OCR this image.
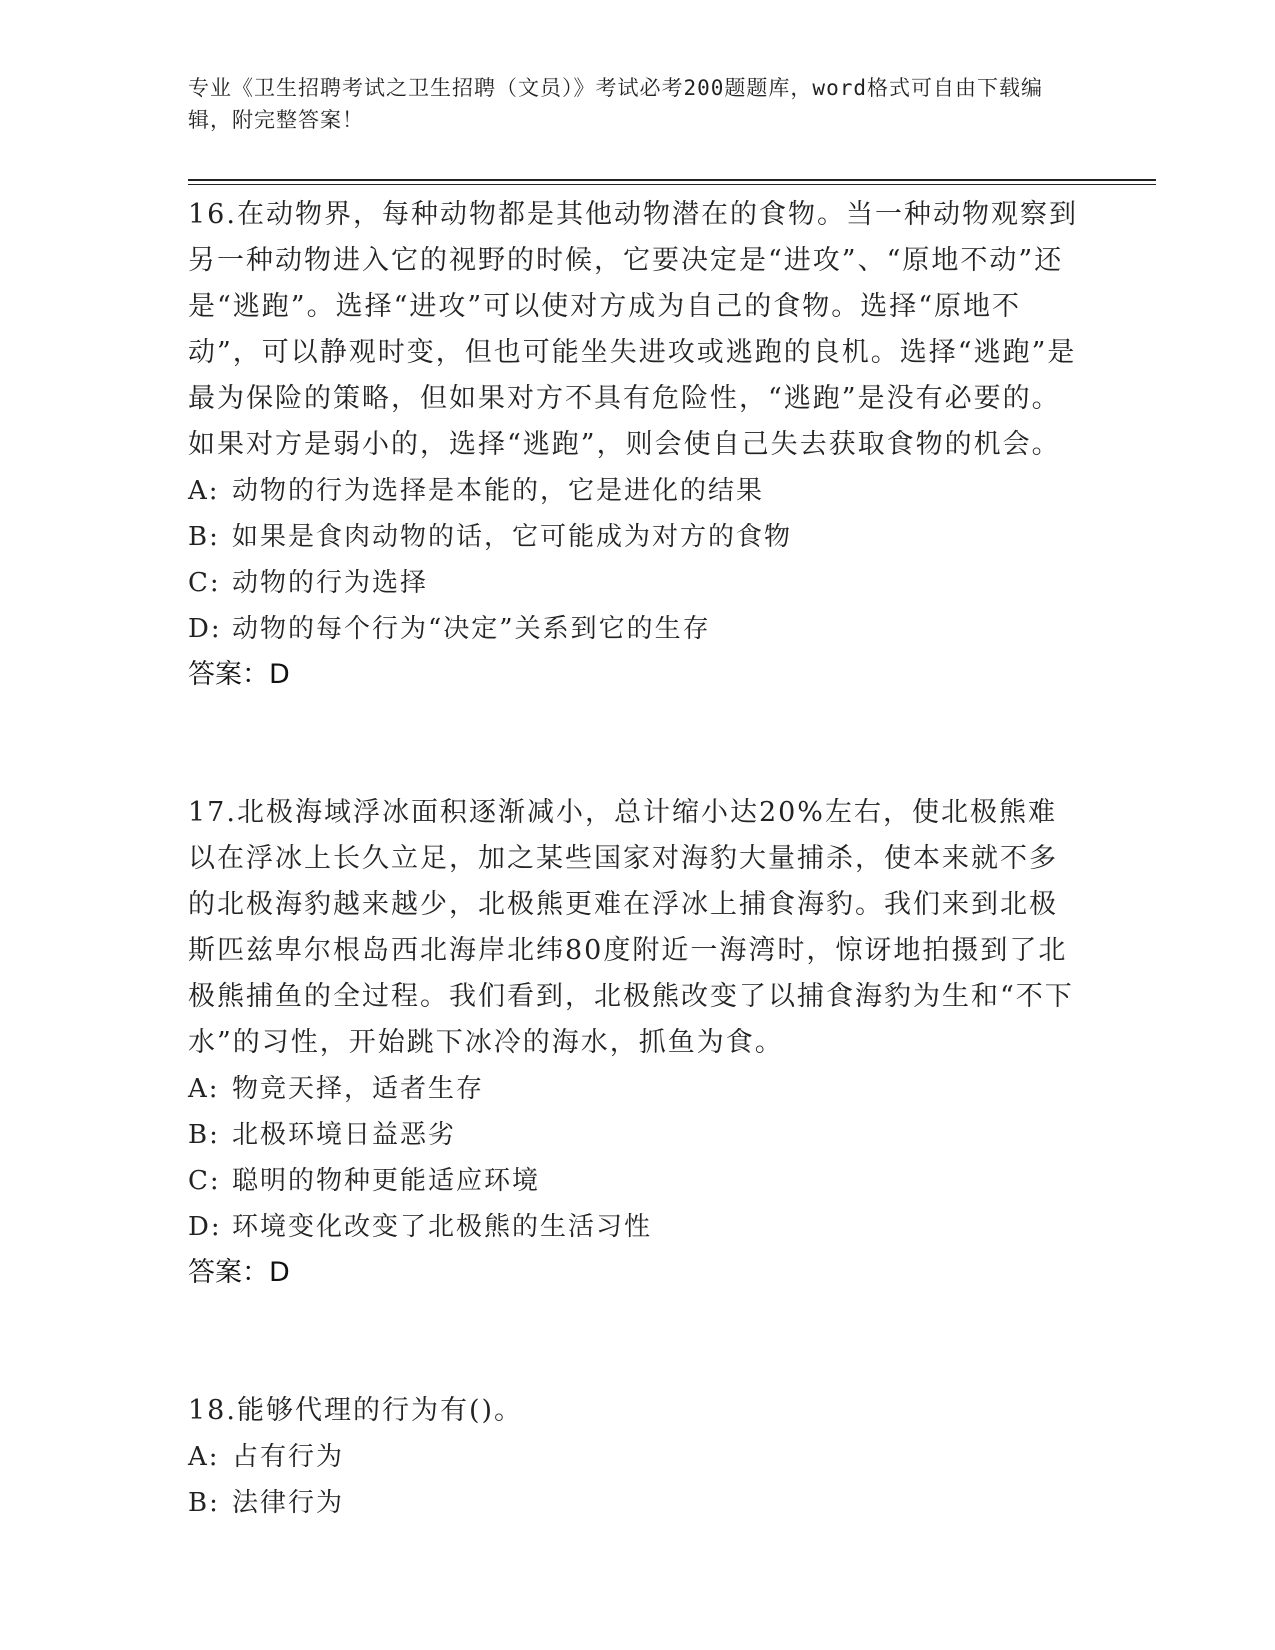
专业《卫生招聘考试之卫生招聘（文员）》考试必考200题题库，word格式可自由下载编辑，附完整答案！

16.在动物界，每种动物都是其他动物潜在的食物。当一种动物观察到另一种动物进入它的视野的时候，它要决定是“进攻”、“原地不动”还是“逃跑”。选择“进攻”可以使对方成为自己的食物。选择“原地不动”，可以静观时变，但也可能坐失进攻或逃跑的良机。选择“逃跑”是最为保险的策略，但如果对方不具有危险性，“逃跑”是没有必要的。如果对方是弱小的，选择“逃跑”，则会使自己失去获取食物的机会。

A: 动物的行为选择是本能的，它是进化的结果

B: 如果是食肉动物的话，它可能成为对方的食物

C: 动物的行为选择

D: 动物的每个行为“决定”关系到它的生存

答案：D

17.北极海域浮冰面积逐渐减小，总计缩小达20%左右，使北极熊难以在浮冰上长久立足，加之某些国家对海豹大量捕杀，使本来就不多的北极海豹越来越少，北极熊更难在浮冰上捕食海豹。我们来到北极斯匹兹卑尔根岛西北海岸北纬80度附近一海湾时，惊讶地拍摄到了北极熊捕鱼的全过程。我们看到，北极熊改变了以捕食海豹为生和“不下水”的习性，开始跳下冰冷的海水，抓鱼为食。

A: 物竞天择，适者生存

B: 北极环境日益恶劣

C: 聪明的物种更能适应环境

D: 环境变化改变了北极熊的生活习性

答案：D

18.能够代理的行为有()。

A: 占有行为

B: 法律行为
